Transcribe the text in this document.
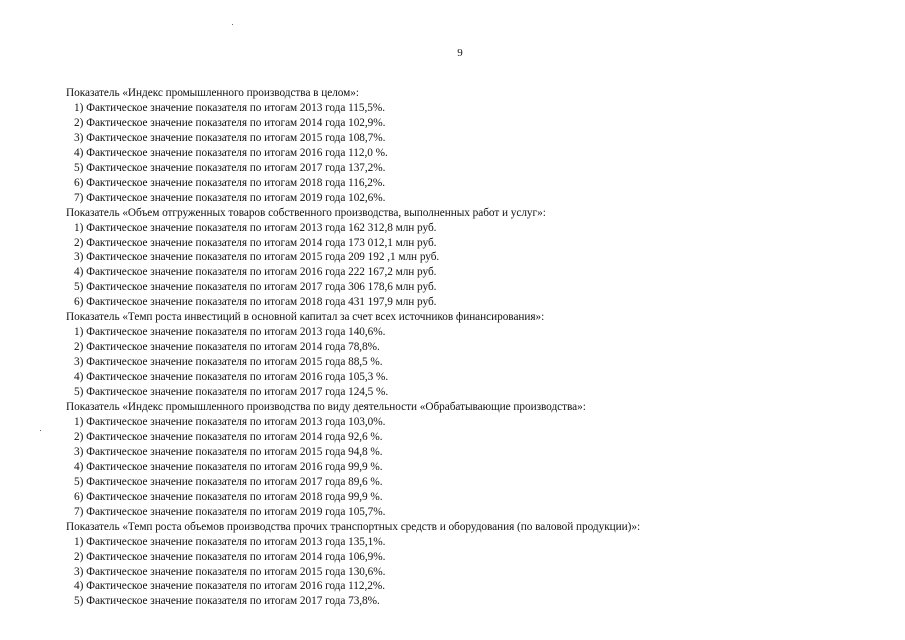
9

Показатель «Индекс промышленного производства в целом»:

1) Фактическое значение показателя по итогам 2013 года 115,5%.
2) Фактическое значение показателя по итогам 2014 года 102,9%.
3) Фактическое значение показателя по итогам 2015 года 108,7%.
4) Фактическое значение показателя по итогам 2016 года 112,0 %.
5) Фактическое значение показателя по итогам 2017 года 137,2%.
6) Фактическое значение показателя по итогам 2018 года 116,2%.
7) Фактическое значение показателя по итогам 2019 года 102,6%.

Показатель «Объем отгруженных товаров собственного производства, выполненных работ и услуг»:

1) Фактическое значение показателя по итогам 2013 года 162 312,8 млн руб.
2) Фактическое значение показателя по итогам 2014 года 173 012,1 млн руб.
3) Фактическое значение показателя по итогам 2015 года 209 192 ,1 млн руб.
4) Фактическое значение показателя по итогам 2016 года 222 167,2 млн руб.
5) Фактическое значение показателя по итогам 2017 года 306 178,6 млн руб.
6) Фактическое значение показателя по итогам 2018 года 431 197,9 млн руб.

Показатель «Темп роста инвестиций в основной капитал за счет всех источников финансирования»:

1) Фактическое значение показателя по итогам 2013 года 140,6%.
2) Фактическое значение показателя по итогам 2014 года 78,8%.
3) Фактическое значение показателя по итогам 2015 года 88,5 %.
4) Фактическое значение показателя по итогам 2016 года 105,3 %.
5) Фактическое значение показателя по итогам 2017 года 124,5 %.

Показатель «Индекс промышленного производства по виду деятельности «Обрабатывающие производства»:

1) Фактическое значение показателя по итогам 2013 года 103,0%.
2) Фактическое значение показателя по итогам 2014 года 92,6 %.
3) Фактическое значение показателя по итогам 2015 года 94,8 %.
4) Фактическое значение показателя по итогам 2016 года 99,9 %.
5) Фактическое значение показателя по итогам 2017 года 89,6 %.
6) Фактическое значение показателя по итогам 2018 года 99,9 %.
7) Фактическое значение показателя по итогам 2019 года 105,7%.

Показатель «Темп роста объемов производства прочих транспортных средств и оборудования (по валовой продукции)»:

1) Фактическое значение показателя по итогам 2013 года 135,1%.
2) Фактическое значение показателя по итогам 2014 года 106,9%.
3) Фактическое значение показателя по итогам 2015 года 130,6%.
4) Фактическое значение показателя по итогам 2016 года 112,2%.
5) Фактическое значение показателя по итогам 2017 года 73,8%.
